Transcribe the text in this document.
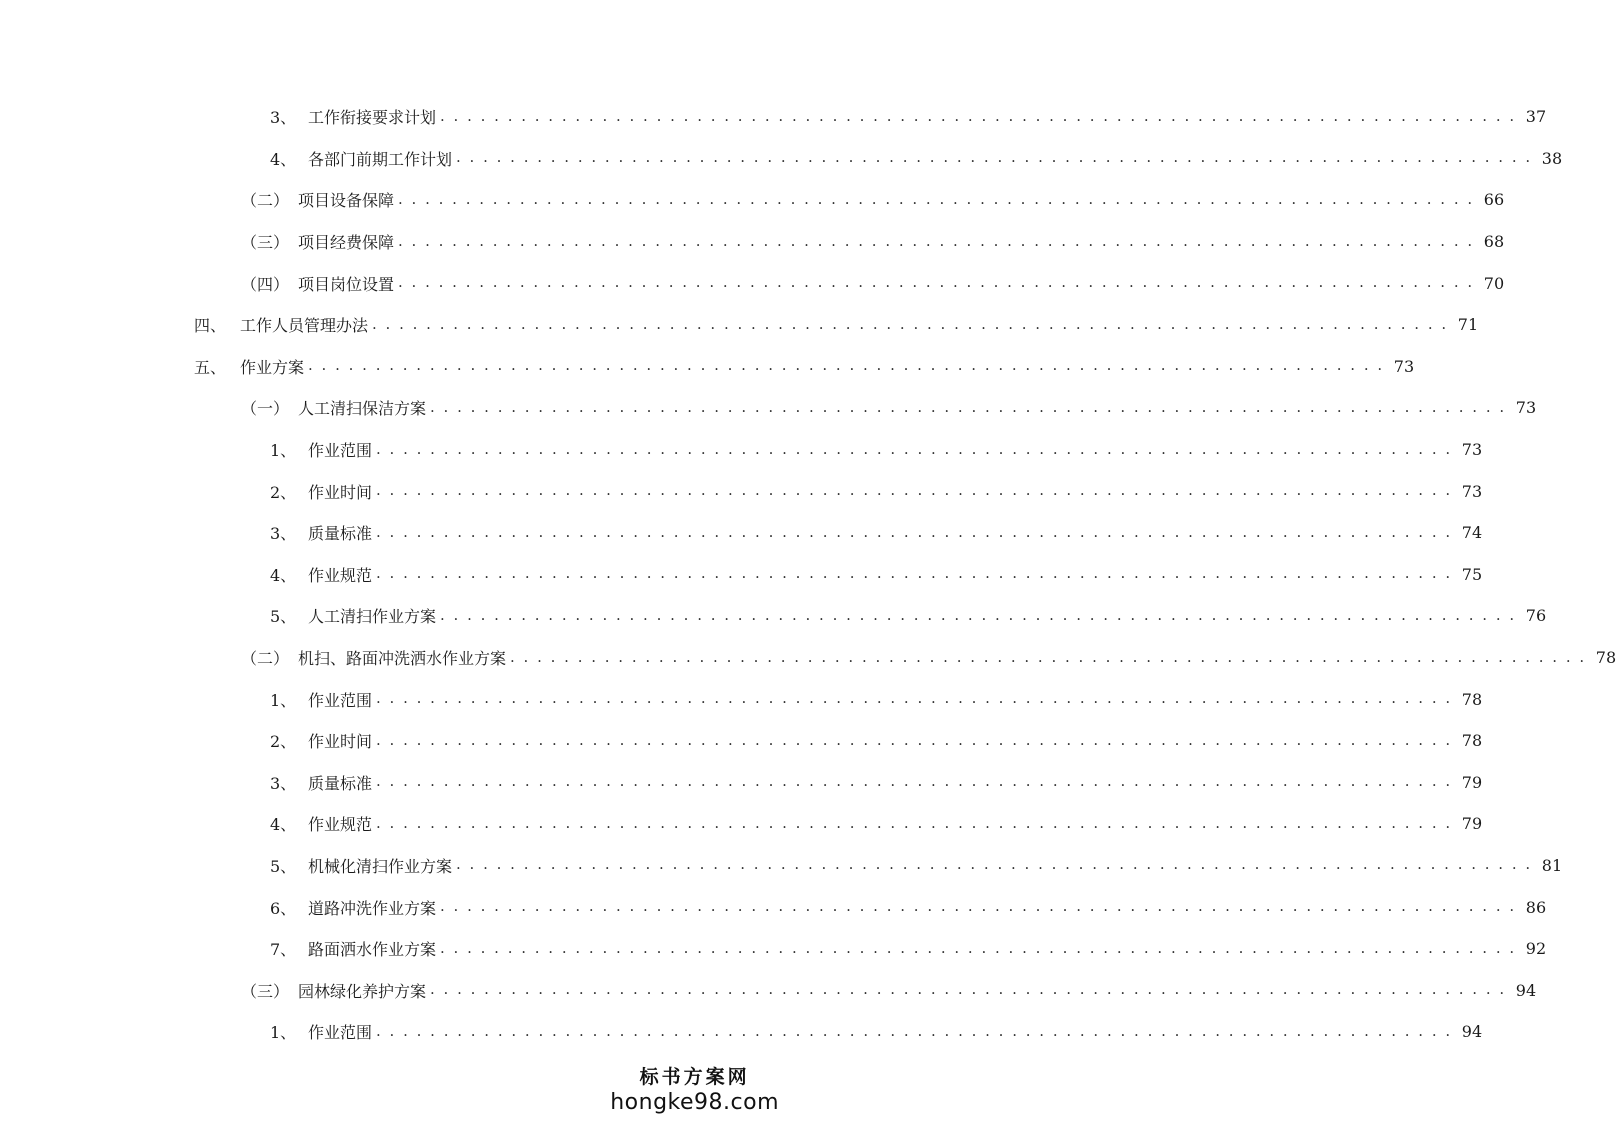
3、 工作衔接要求计划 . . . . . . . . . . . . . . . . . . . . . . . . . . . . . . . . . . . . . . . . . . . . . . . . . . . . . . . . . . . . . . . . . . . . . . . . . . . . . . . . 37
4、 各部门前期工作计划 . . . . . . . . . . . . . . . . . . . . . . . . . . . . . . . . . . . . . . . . . . . . . . . . . . . . . . . . . . . . . . . . . . . . . . . . . . . . . . . . 38
（二） 项目设备保障 . . . . . . . . . . . . . . . . . . . . . . . . . . . . . . . . . . . . . . . . . . . . . . . . . . . . . . . . . . . . . . . . . . . . . . . . . . . . . . . . 66
（三） 项目经费保障 . . . . . . . . . . . . . . . . . . . . . . . . . . . . . . . . . . . . . . . . . . . . . . . . . . . . . . . . . . . . . . . . . . . . . . . . . . . . . . . . 68
（四） 项目岗位设置 . . . . . . . . . . . . . . . . . . . . . . . . . . . . . . . . . . . . . . . . . . . . . . . . . . . . . . . . . . . . . . . . . . . . . . . . . . . . . . . . 70
四、 工作人员管理办法 . . . . . . . . . . . . . . . . . . . . . . . . . . . . . . . . . . . . . . . . . . . . . . . . . . . . . . . . . . . . . . . . . . . . . . . . . . . . . . . . 71
五、 作业方案 . . . . . . . . . . . . . . . . . . . . . . . . . . . . . . . . . . . . . . . . . . . . . . . . . . . . . . . . . . . . . . . . . . . . . . . . . . . . . . . . 73
（一） 人工清扫保洁方案 . . . . . . . . . . . . . . . . . . . . . . . . . . . . . . . . . . . . . . . . . . . . . . . . . . . . . . . . . . . . . . . . . . . . . . . . . . . . . . . . 73
1、 作业范围 . . . . . . . . . . . . . . . . . . . . . . . . . . . . . . . . . . . . . . . . . . . . . . . . . . . . . . . . . . . . . . . . . . . . . . . . . . . . . . . . 73
2、 作业时间 . . . . . . . . . . . . . . . . . . . . . . . . . . . . . . . . . . . . . . . . . . . . . . . . . . . . . . . . . . . . . . . . . . . . . . . . . . . . . . . . 73
3、 质量标准 . . . . . . . . . . . . . . . . . . . . . . . . . . . . . . . . . . . . . . . . . . . . . . . . . . . . . . . . . . . . . . . . . . . . . . . . . . . . . . . . 74
4、 作业规范 . . . . . . . . . . . . . . . . . . . . . . . . . . . . . . . . . . . . . . . . . . . . . . . . . . . . . . . . . . . . . . . . . . . . . . . . . . . . . . . . 75
5、 人工清扫作业方案 . . . . . . . . . . . . . . . . . . . . . . . . . . . . . . . . . . . . . . . . . . . . . . . . . . . . . . . . . . . . . . . . . . . . . . . . . . . . . . . . 76
（二） 机扫、路面冲洗洒水作业方案 . . . . . . . . . . . . . . . . . . . . . . . . . . . . . . . . . . . . . . . . . . . . . . . . . . . . . . . . . . . . . . . . . . . . . . . . . . . . . . . . 78
1、 作业范围 . . . . . . . . . . . . . . . . . . . . . . . . . . . . . . . . . . . . . . . . . . . . . . . . . . . . . . . . . . . . . . . . . . . . . . . . . . . . . . . . 78
2、 作业时间 . . . . . . . . . . . . . . . . . . . . . . . . . . . . . . . . . . . . . . . . . . . . . . . . . . . . . . . . . . . . . . . . . . . . . . . . . . . . . . . . 78
3、 质量标准 . . . . . . . . . . . . . . . . . . . . . . . . . . . . . . . . . . . . . . . . . . . . . . . . . . . . . . . . . . . . . . . . . . . . . . . . . . . . . . . . 79
4、 作业规范 . . . . . . . . . . . . . . . . . . . . . . . . . . . . . . . . . . . . . . . . . . . . . . . . . . . . . . . . . . . . . . . . . . . . . . . . . . . . . . . . 79
5、 机械化清扫作业方案 . . . . . . . . . . . . . . . . . . . . . . . . . . . . . . . . . . . . . . . . . . . . . . . . . . . . . . . . . . . . . . . . . . . . . . . . . . . . . . . . 81
6、 道路冲洗作业方案 . . . . . . . . . . . . . . . . . . . . . . . . . . . . . . . . . . . . . . . . . . . . . . . . . . . . . . . . . . . . . . . . . . . . . . . . . . . . . . . . 86
7、 路面洒水作业方案 . . . . . . . . . . . . . . . . . . . . . . . . . . . . . . . . . . . . . . . . . . . . . . . . . . . . . . . . . . . . . . . . . . . . . . . . . . . . . . . . 92
（三） 园林绿化养护方案 . . . . . . . . . . . . . . . . . . . . . . . . . . . . . . . . . . . . . . . . . . . . . . . . . . . . . . . . . . . . . . . . . . . . . . . . . . . . . . . . 94
1、 作业范围 . . . . . . . . . . . . . . . . . . . . . . . . . . . . . . . . . . . . . . . . . . . . . . . . . . . . . . . . . . . . . . . . . . . . . . . . . . . . . . . . 94
标书方案网
hongke98.com
